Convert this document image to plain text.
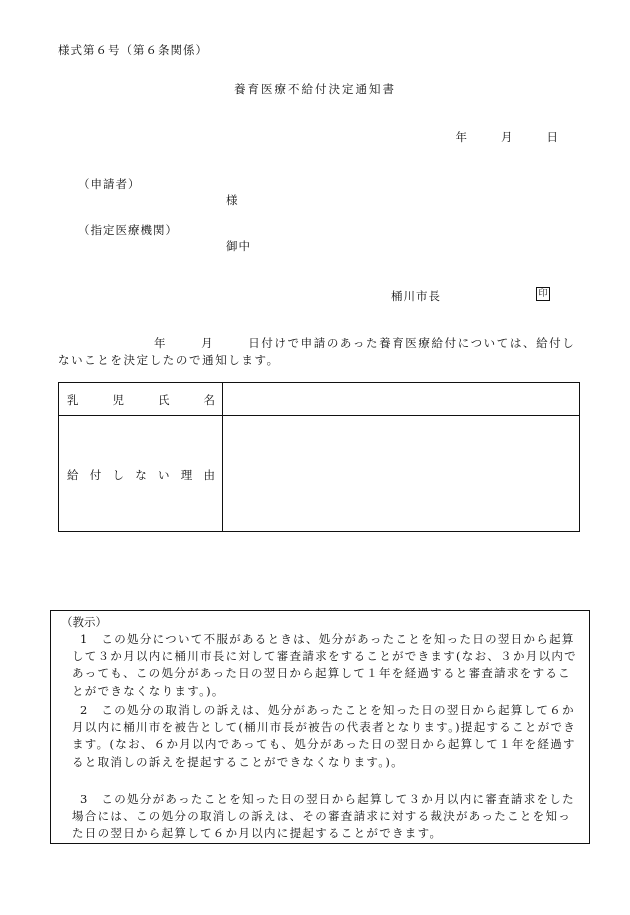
様式第６号（第６条関係）
養育医療不給付決定通知書
年	月	日
（申請者）
様
（指定医療機関）
御中
桶川市長	印
年	月	日付けで申請のあった養育医療給付については、給付しないことを決定したので通知します。
乳	児	氏	名
給 付 し な い 理 由
（教示）
1　この処分について不服があるときは、処分があったことを知った日の翌日から起算して３か月以内に桶川市長に対して審査請求をすることができます(なお、３か月以内であっても、この処分があった日の翌日から起算して１年を経過すると審査請求をすることができなくなります。)。
2　この処分の取消しの訴えは、処分があったことを知った日の翌日から起算して６か月以内に桶川市を被告として(桶川市長が被告の代表者となります。)提起することができます。(なお、６か月以内であっても、処分があった日の翌日から起算して１年を経過すると取消しの訴えを提起することができなくなります。)。
3　この処分があったことを知った日の翌日から起算して３か月以内に審査請求をした場合には、この処分の取消しの訴えは、その審査請求に対する裁決があったことを知った日の翌日から起算して６か月以内に提起することができます。
